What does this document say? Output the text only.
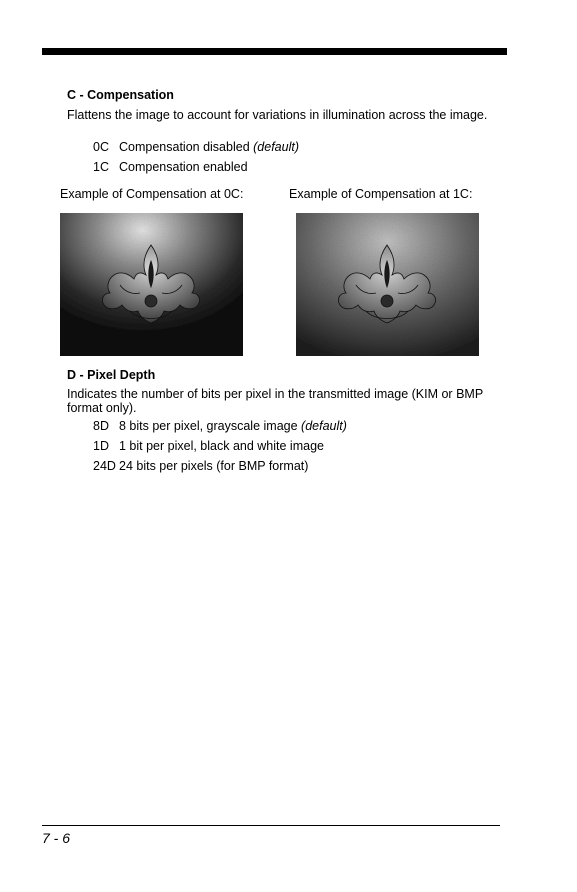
C - Compensation
Flattens the image to account for variations in illumination across the image.
0C Compensation disabled (default)
1C Compensation enabled
Example of Compensation at 0C:	Example of Compensation at 1C:
D - Pixel Depth
Indicates the number of bits per pixel in the transmitted image (KIM or BMP format only).
8D 8 bits per pixel, grayscale image (default)
1D 1 bit per pixel, black and white image
24D 24 bits per pixels (for BMP format)
7 - 6
